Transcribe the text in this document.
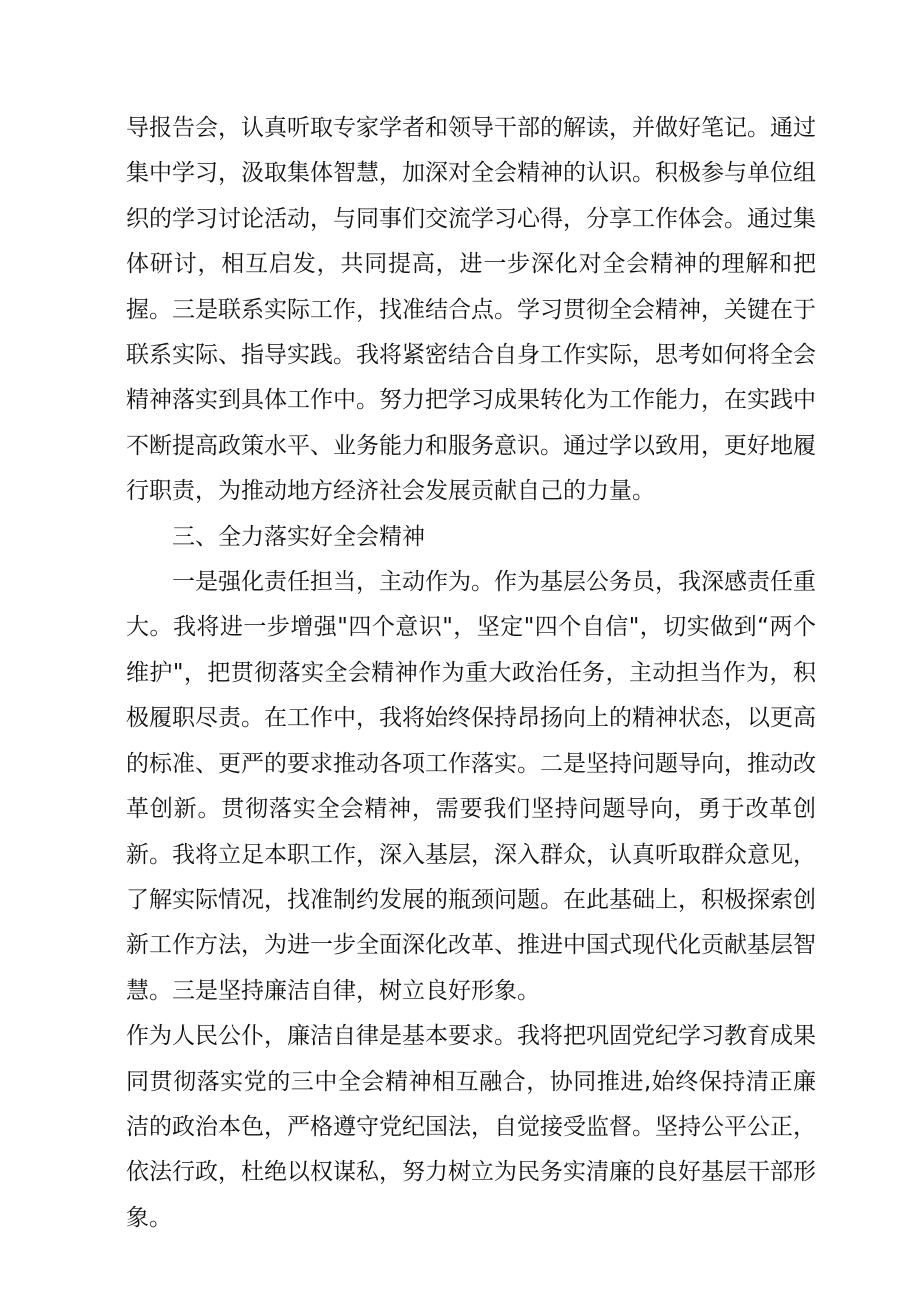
导报告会，认真听取专家学者和领导干部的解读，并做好笔记。通过集中学习，汲取集体智慧，加深对全会精神的认识。积极参与单位组织的学习讨论活动，与同事们交流学习心得，分享工作体会。通过集体研讨，相互启发，共同提高，进一步深化对全会精神的理解和把握。三是联系实际工作，找准结合点。学习贯彻全会精神，关键在于联系实际、指导实践。我将紧密结合自身工作实际，思考如何将全会精神落实到具体工作中。努力把学习成果转化为工作能力，在实践中不断提高政策水平、业务能力和服务意识。通过学以致用，更好地履行职责，为推动地方经济社会发展贡献自己的力量。

三、全力落实好全会精神

一是强化责任担当，主动作为。作为基层公务员，我深感责任重大。我将进一步增强"四个意识"，坚定"四个自信"，切实做到“两个维护"，把贯彻落实全会精神作为重大政治任务，主动担当作为，积极履职尽责。在工作中，我将始终保持昂扬向上的精神状态，以更高的标准、更严的要求推动各项工作落实。二是坚持问题导向，推动改革创新。贯彻落实全会精神，需要我们坚持问题导向，勇于改革创新。我将立足本职工作，深入基层，深入群众，认真听取群众意见，了解实际情况，找准制约发展的瓶颈问题。在此基础上，积极探索创新工作方法，为进一步全面深化改革、推进中国式现代化贡献基层智慧。三是坚持廉洁自律，树立良好形象。

作为人民公仆，廉洁自律是基本要求。我将把巩固党纪学习教育成果同贯彻落实党的三中全会精神相互融合，协同推进,始终保持清正廉洁的政治本色，严格遵守党纪国法，自觉接受监督。坚持公平公正，依法行政，杜绝以权谋私，努力树立为民务实清廉的良好基层干部形象。
